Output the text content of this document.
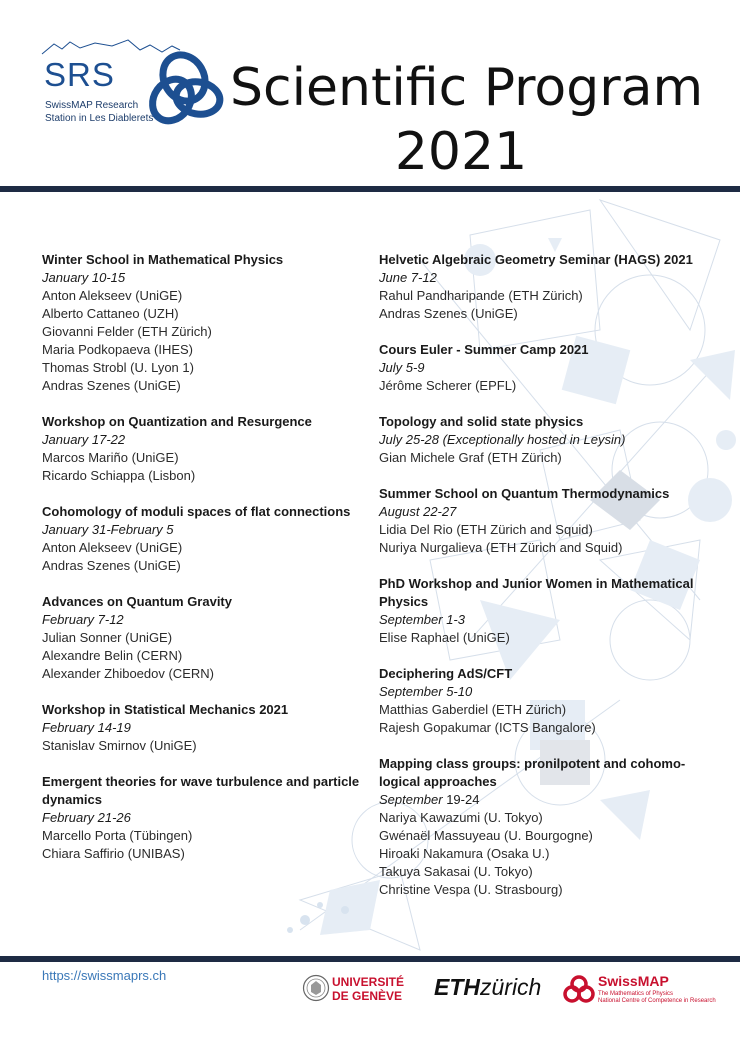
SRS
SwissMAP Research
Station in Les Diablerets
Scientific Program
2021
Winter School in Mathematical Physics
January 10-15
Anton Alekseev (UniGE)
Alberto Cattaneo (UZH)
Giovanni Felder (ETH Zürich)
Maria Podkopaeva (IHES)
Thomas Strobl (U. Lyon 1)
Andras Szenes (UniGE)
Workshop on Quantization and Resurgence
January 17-22
Marcos Mariño (UniGE)
Ricardo Schiappa (Lisbon)
Cohomology of moduli spaces of flat connections
January 31-February 5
Anton Alekseev (UniGE)
Andras Szenes (UniGE)
Advances on Quantum Gravity
February 7-12
Julian Sonner (UniGE)
Alexandre Belin (CERN)
Alexander Zhiboedov (CERN)
Workshop in Statistical Mechanics 2021
February 14-19
Stanislav Smirnov (UniGE)
Emergent theories for wave turbulence and particle dynamics
February 21-26
Marcello Porta (Tübingen)
Chiara Saffirio (UNIBAS)
Helvetic Algebraic Geometry Seminar (HAGS) 2021
June 7-12
Rahul Pandharipande (ETH Zürich)
Andras Szenes (UniGE)
Cours Euler - Summer Camp 2021
July 5-9
Jérôme Scherer (EPFL)
Topology and solid state physics
July 25-28 (Exceptionally hosted in Leysin)
Gian Michele Graf (ETH Zürich)
Summer School on Quantum Thermodynamics
August 22-27
Lidia Del Rio (ETH Zürich and Squid)
Nuriya Nurgalieva (ETH Zürich and Squid)
PhD Workshop and Junior Women in Mathematical Physics
September 1-3
Elise Raphael (UniGE)
Deciphering AdS/CFT
September 5-10
Matthias Gaberdiel (ETH Zürich)
Rajesh Gopakumar (ICTS Bangalore)
Mapping class groups: pronilpotent and cohomo-logical approaches
September 19-24
Nariya Kawazumi (U. Tokyo)
Gwénaël Massuyeau (U. Bourgogne)
Hiroaki Nakamura (Osaka U.)
Takuya Sakasai (U. Tokyo)
Christine Vespa (U. Strasbourg)
https://swissmaprs.ch	UNIVERSITÉ
DE GENÈVE ETHzürich	SwissMAP
The Mathematics of Physics
National Centre of Competence in Research
